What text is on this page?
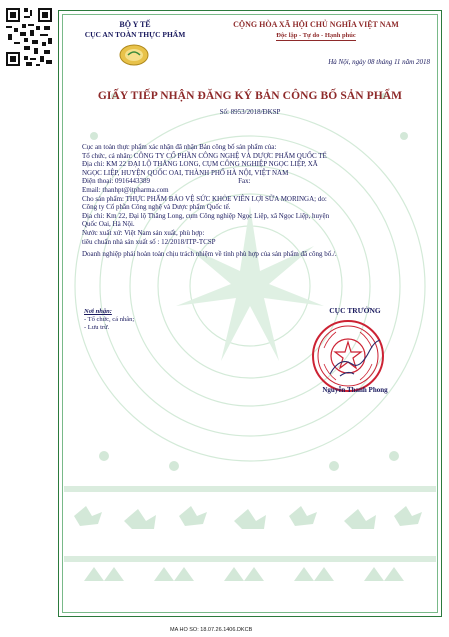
BỘ Y TẾ
CỤC AN TOÀN THỰC PHẨM
CỘNG HÒA XÃ HỘI CHỦ NGHĨA VIỆT NAM
Độc lập - Tự do - Hạnh phúc
Hà Nội, ngày 08 tháng 11 năm 2018
GIẤY TIẾP NHẬN ĐĂNG KÝ BẢN CÔNG BỐ SẢN PHẨM
Số: 8953/2018/ĐKSP
Cục an toàn thực phẩm xác nhận đã nhận Bản công bố sản phẩm của:
Tổ chức, cá nhân: CÔNG TY CỔ PHẦN CÔNG NGHỆ VÀ DƯỢC PHẨM QUỐC TẾ
Địa chỉ: KM 22 ĐẠI LỘ THĂNG LONG, CỤM CÔNG NGHIỆP NGỌC LIỆP, XÃ
NGỌC LIỆP, HUYỆN QUỐC OAI, THÀNH PHỐ HÀ NỘI, VIỆT NAM
Điện thoại: 0916443389	Fax:
Email: thanhpt@itpharma.com
Cho sản phẩm: THỰC PHẨM BẢO VỆ SỨC KHỎE VIÊN LỢI SỮA MORINGA; do:
Công ty Cổ phần Công nghệ và Dược phẩm Quốc tế.
Địa chỉ: Km 22, Đại lộ Thăng Long, cụm Công nghiệp Ngọc Liệp, xã Ngọc Liệp, huyện
Quốc Oai, Hà Nội.
Nước xuất xứ: Việt Nam sản xuất, phù hợp:
tiêu chuẩn nhà sản xuất số : 12/2018/ITP-TCSP
Doanh nghiệp phải hoàn toàn chịu trách nhiệm về tính phù hợp của sản phẩm đã công bố./.
Nơi nhận:
- Tổ chức, cá nhân;
- Lưu trữ.
CỤC TRƯỞNG
Nguyễn Thanh Phong
MA HO SO: 18.07.26.1406.DKCB
